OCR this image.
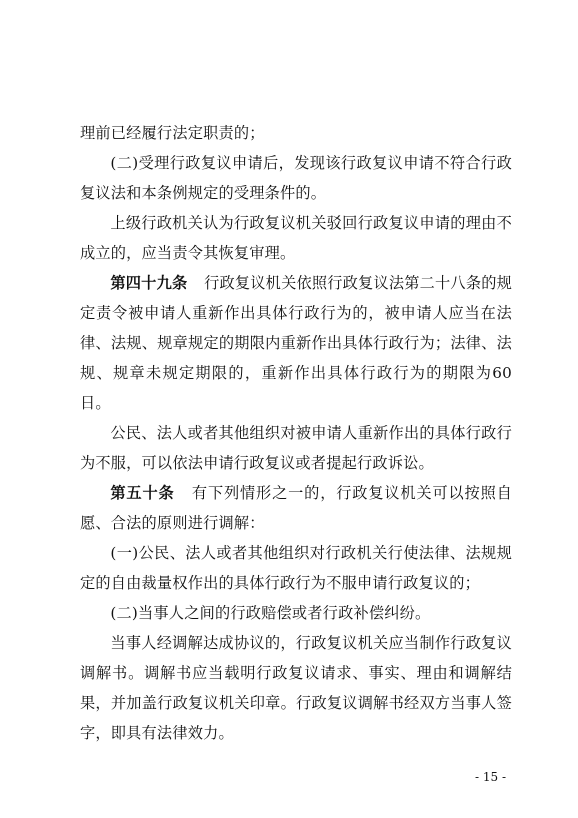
理前已经履行法定职责的；

(二)受理行政复议申请后，发现该行政复议申请不符合行政复议法和本条例规定的受理条件的。

上级行政机关认为行政复议机关驳回行政复议申请的理由不成立的，应当责令其恢复审理。

第四十九条 行政复议机关依照行政复议法第二十八条的规定责令被申请人重新作出具体行政行为的，被申请人应当在法律、法规、规章规定的期限内重新作出具体行政行为；法律、法规、规章未规定期限的，重新作出具体行政行为的期限为60日。

公民、法人或者其他组织对被申请人重新作出的具体行政行为不服，可以依法申请行政复议或者提起行政诉讼。

第五十条 有下列情形之一的，行政复议机关可以按照自愿、合法的原则进行调解：

(一)公民、法人或者其他组织对行政机关行使法律、法规规定的自由裁量权作出的具体行政行为不服申请行政复议的；

(二)当事人之间的行政赔偿或者行政补偿纠纷。

当事人经调解达成协议的，行政复议机关应当制作行政复议调解书。调解书应当载明行政复议请求、事实、理由和调解结果，并加盖行政复议机关印章。行政复议调解书经双方当事人签字，即具有法律效力。

- 15 -
